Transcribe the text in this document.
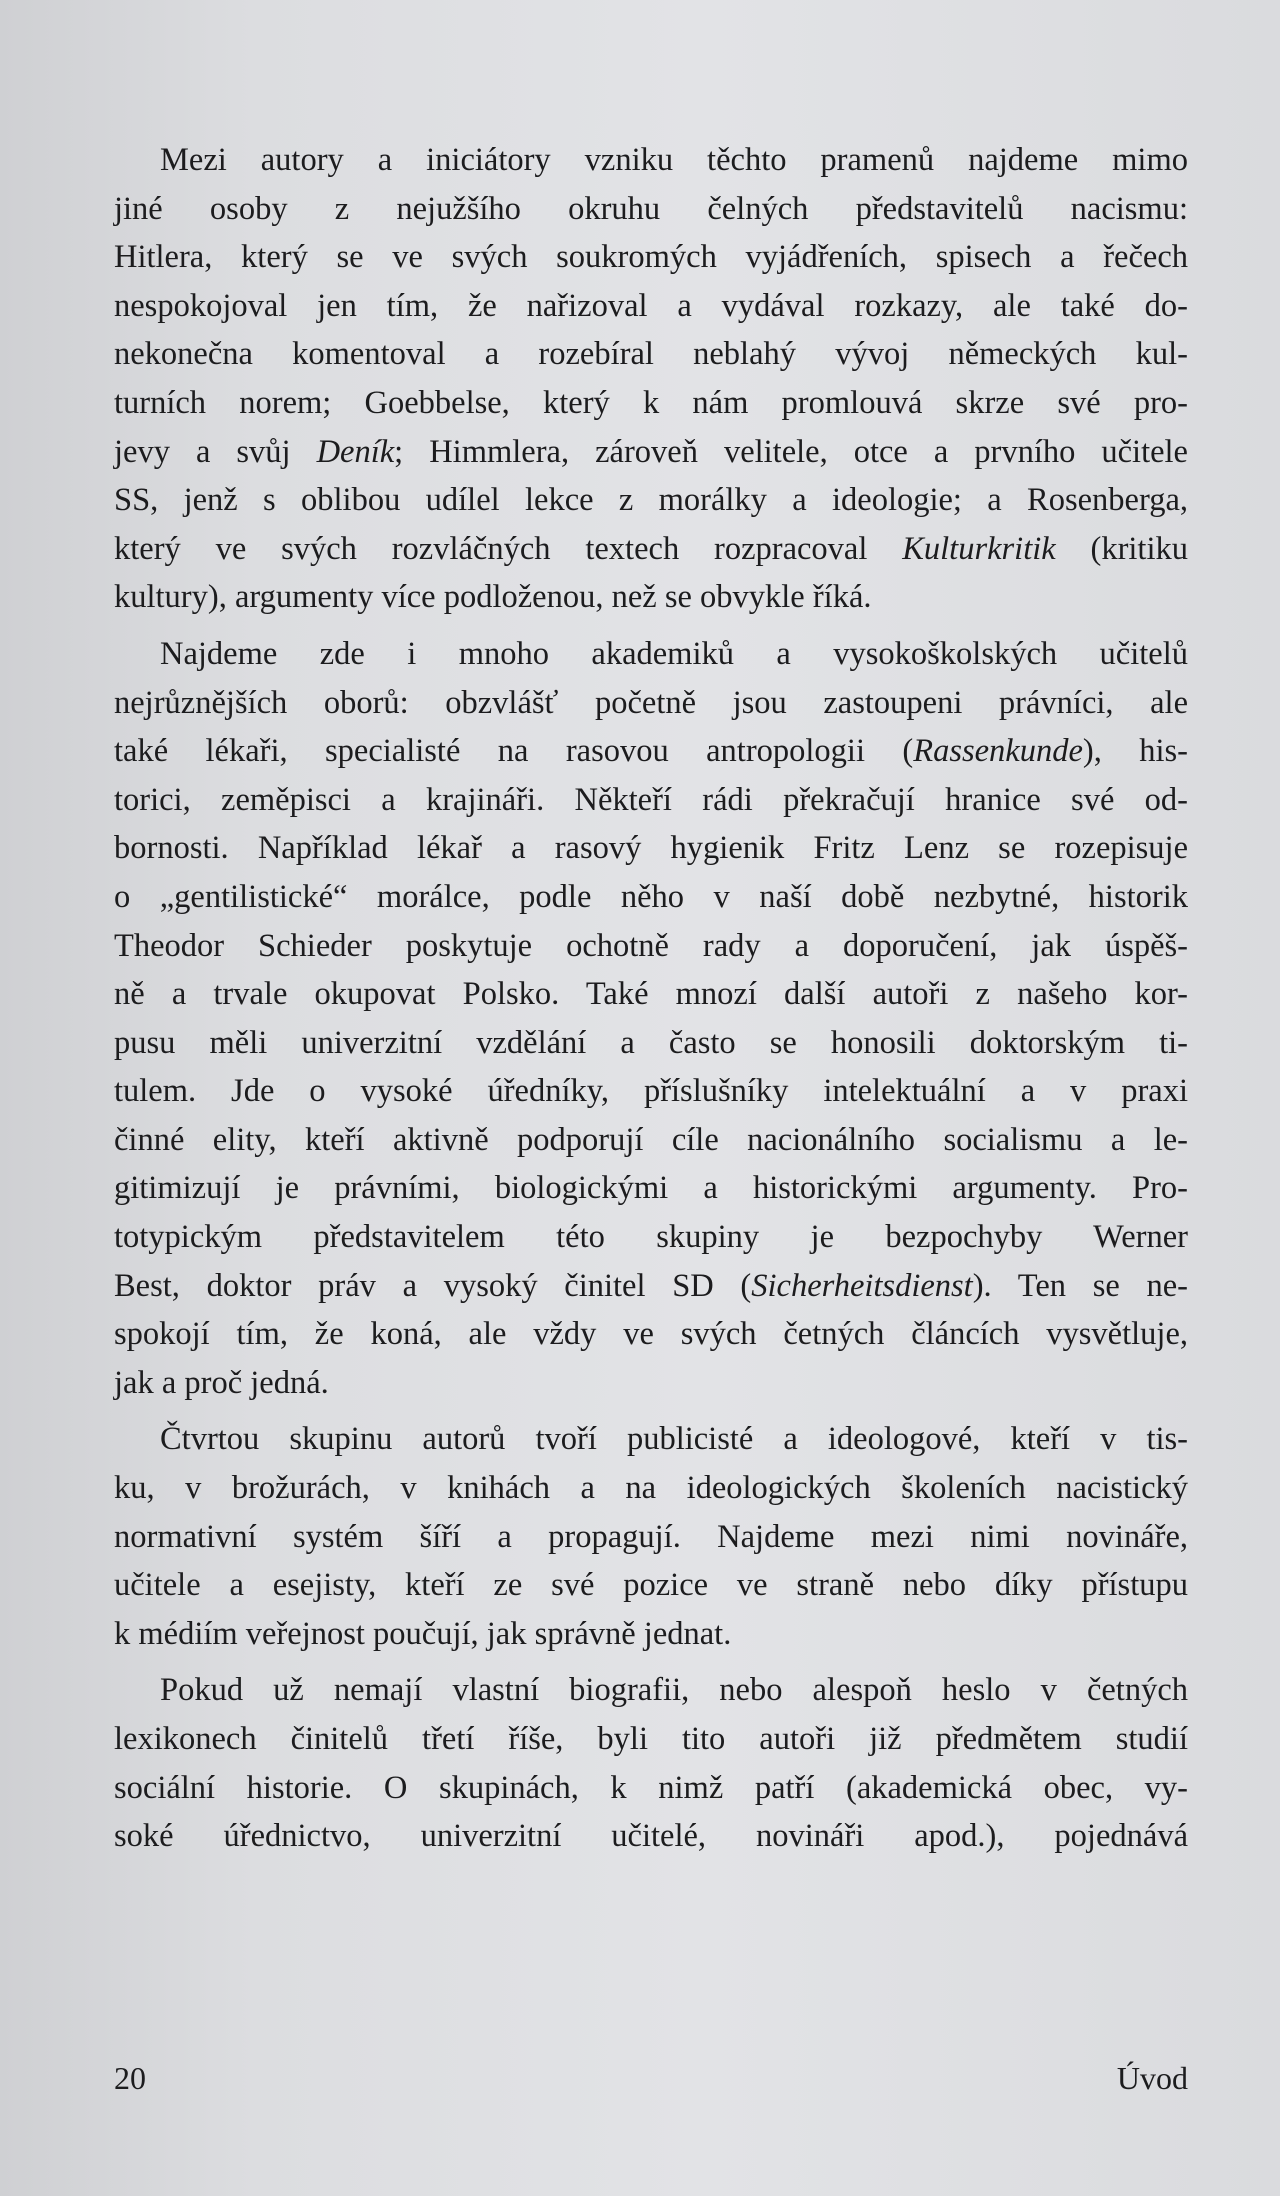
Mezi autory a iniciátory vzniku těchto pramenů najdeme mimo
jiné osoby z nejužšího okruhu čelných představitelů nacismu:
Hitlera, který se ve svých soukromých vyjádřeních, spisech a řečech
nespokojoval jen tím, že nařizoval a vydával rozkazy, ale také do-
nekonečna komentoval a rozebíral neblahý vývoj německých kul-
turních norem; Goebbelse, který k nám promlouvá skrze své pro-
jevy a svůj Deník; Himmlera, zároveň velitele, otce a prvního učitele
SS, jenž s oblibou udílel lekce z morálky a ideologie; a Rosenberga,
který ve svých rozvláčných textech rozpracoval Kulturkritik (kritiku
kultury), argumenty více podloženou, než se obvykle říká.
Najdeme zde i mnoho akademiků a vysokoškolských učitelů
nejrůznějších oborů: obzvlášť početně jsou zastoupeni právníci, ale
také lékaři, specialisté na rasovou antropologii (Rassenkunde), his-
torici, zeměpisci a krajináři. Někteří rádi překračují hranice své od-
bornosti. Například lékař a rasový hygienik Fritz Lenz se rozepisuje
o „gentilistické“ morálce, podle něho v naší době nezbytné, historik
Theodor Schieder poskytuje ochotně rady a doporučení, jak úspěš-
ně a trvale okupovat Polsko. Také mnozí další autoři z našeho kor-
pusu měli univerzitní vzdělání a často se honosili doktorským ti-
tulem. Jde o vysoké úředníky, příslušníky intelektuální a v praxi
činné elity, kteří aktivně podporují cíle nacionálního socialismu a le-
gitimizují je právními, biologickými a historickými argumenty. Pro-
totypickým představitelem této skupiny je bezpochyby Werner
Best, doktor práv a vysoký činitel SD (Sicherheitsdienst). Ten se ne-
spokojí tím, že koná, ale vždy ve svých četných článcích vysvětluje,
jak a proč jedná.
Čtvrtou skupinu autorů tvoří publicisté a ideologové, kteří v tis-
ku, v brožurách, v knihách a na ideologických školeních nacistický
normativní systém šíří a propagují. Najdeme mezi nimi novináře,
učitele a esejisty, kteří ze své pozice ve straně nebo díky přístupu
k médiím veřejnost poučují, jak správně jednat.
Pokud už nemají vlastní biografii, nebo alespoň heslo v četných
lexikonech činitelů třetí říše, byli tito autoři již předmětem studií
sociální historie. O skupinách, k nimž patří (akademická obec, vy-
soké úřednictvo, univerzitní učitelé, novináři apod.), pojednává
20	Úvod
